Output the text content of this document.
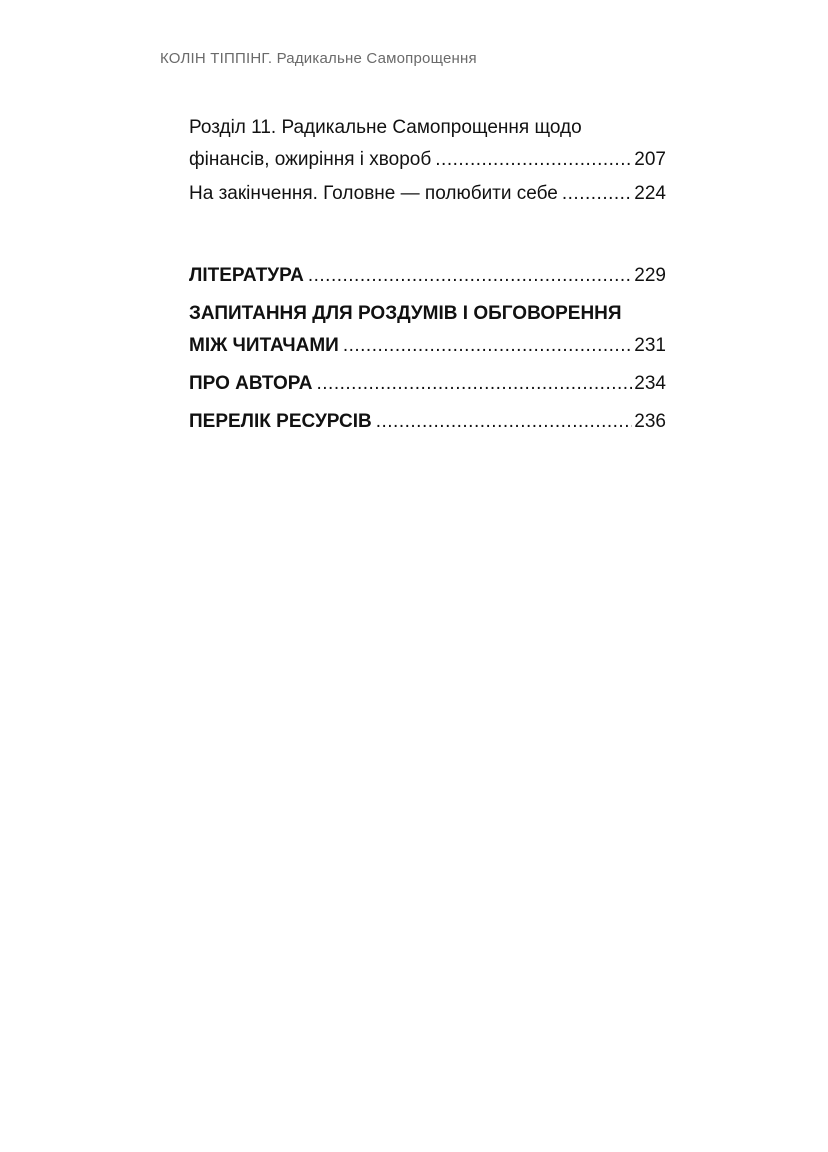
КОЛІН ТІППІНГ. Радикальне Самопрощення
Розділ 11. Радикальне Самопрощення щодо
фінансів, ожиріння і хвороб .....	207
На закінчення. Головне — полюбити себе .....	224
ЛІТЕРАТУРА .....	229
ЗАПИТАННЯ ДЛЯ РОЗДУМІВ І ОБГОВОРЕННЯ
МІЖ ЧИТАЧАМИ .....	231
ПРО АВТОРА .....	234
ПЕРЕЛІК РЕСУРСІВ .....	236
